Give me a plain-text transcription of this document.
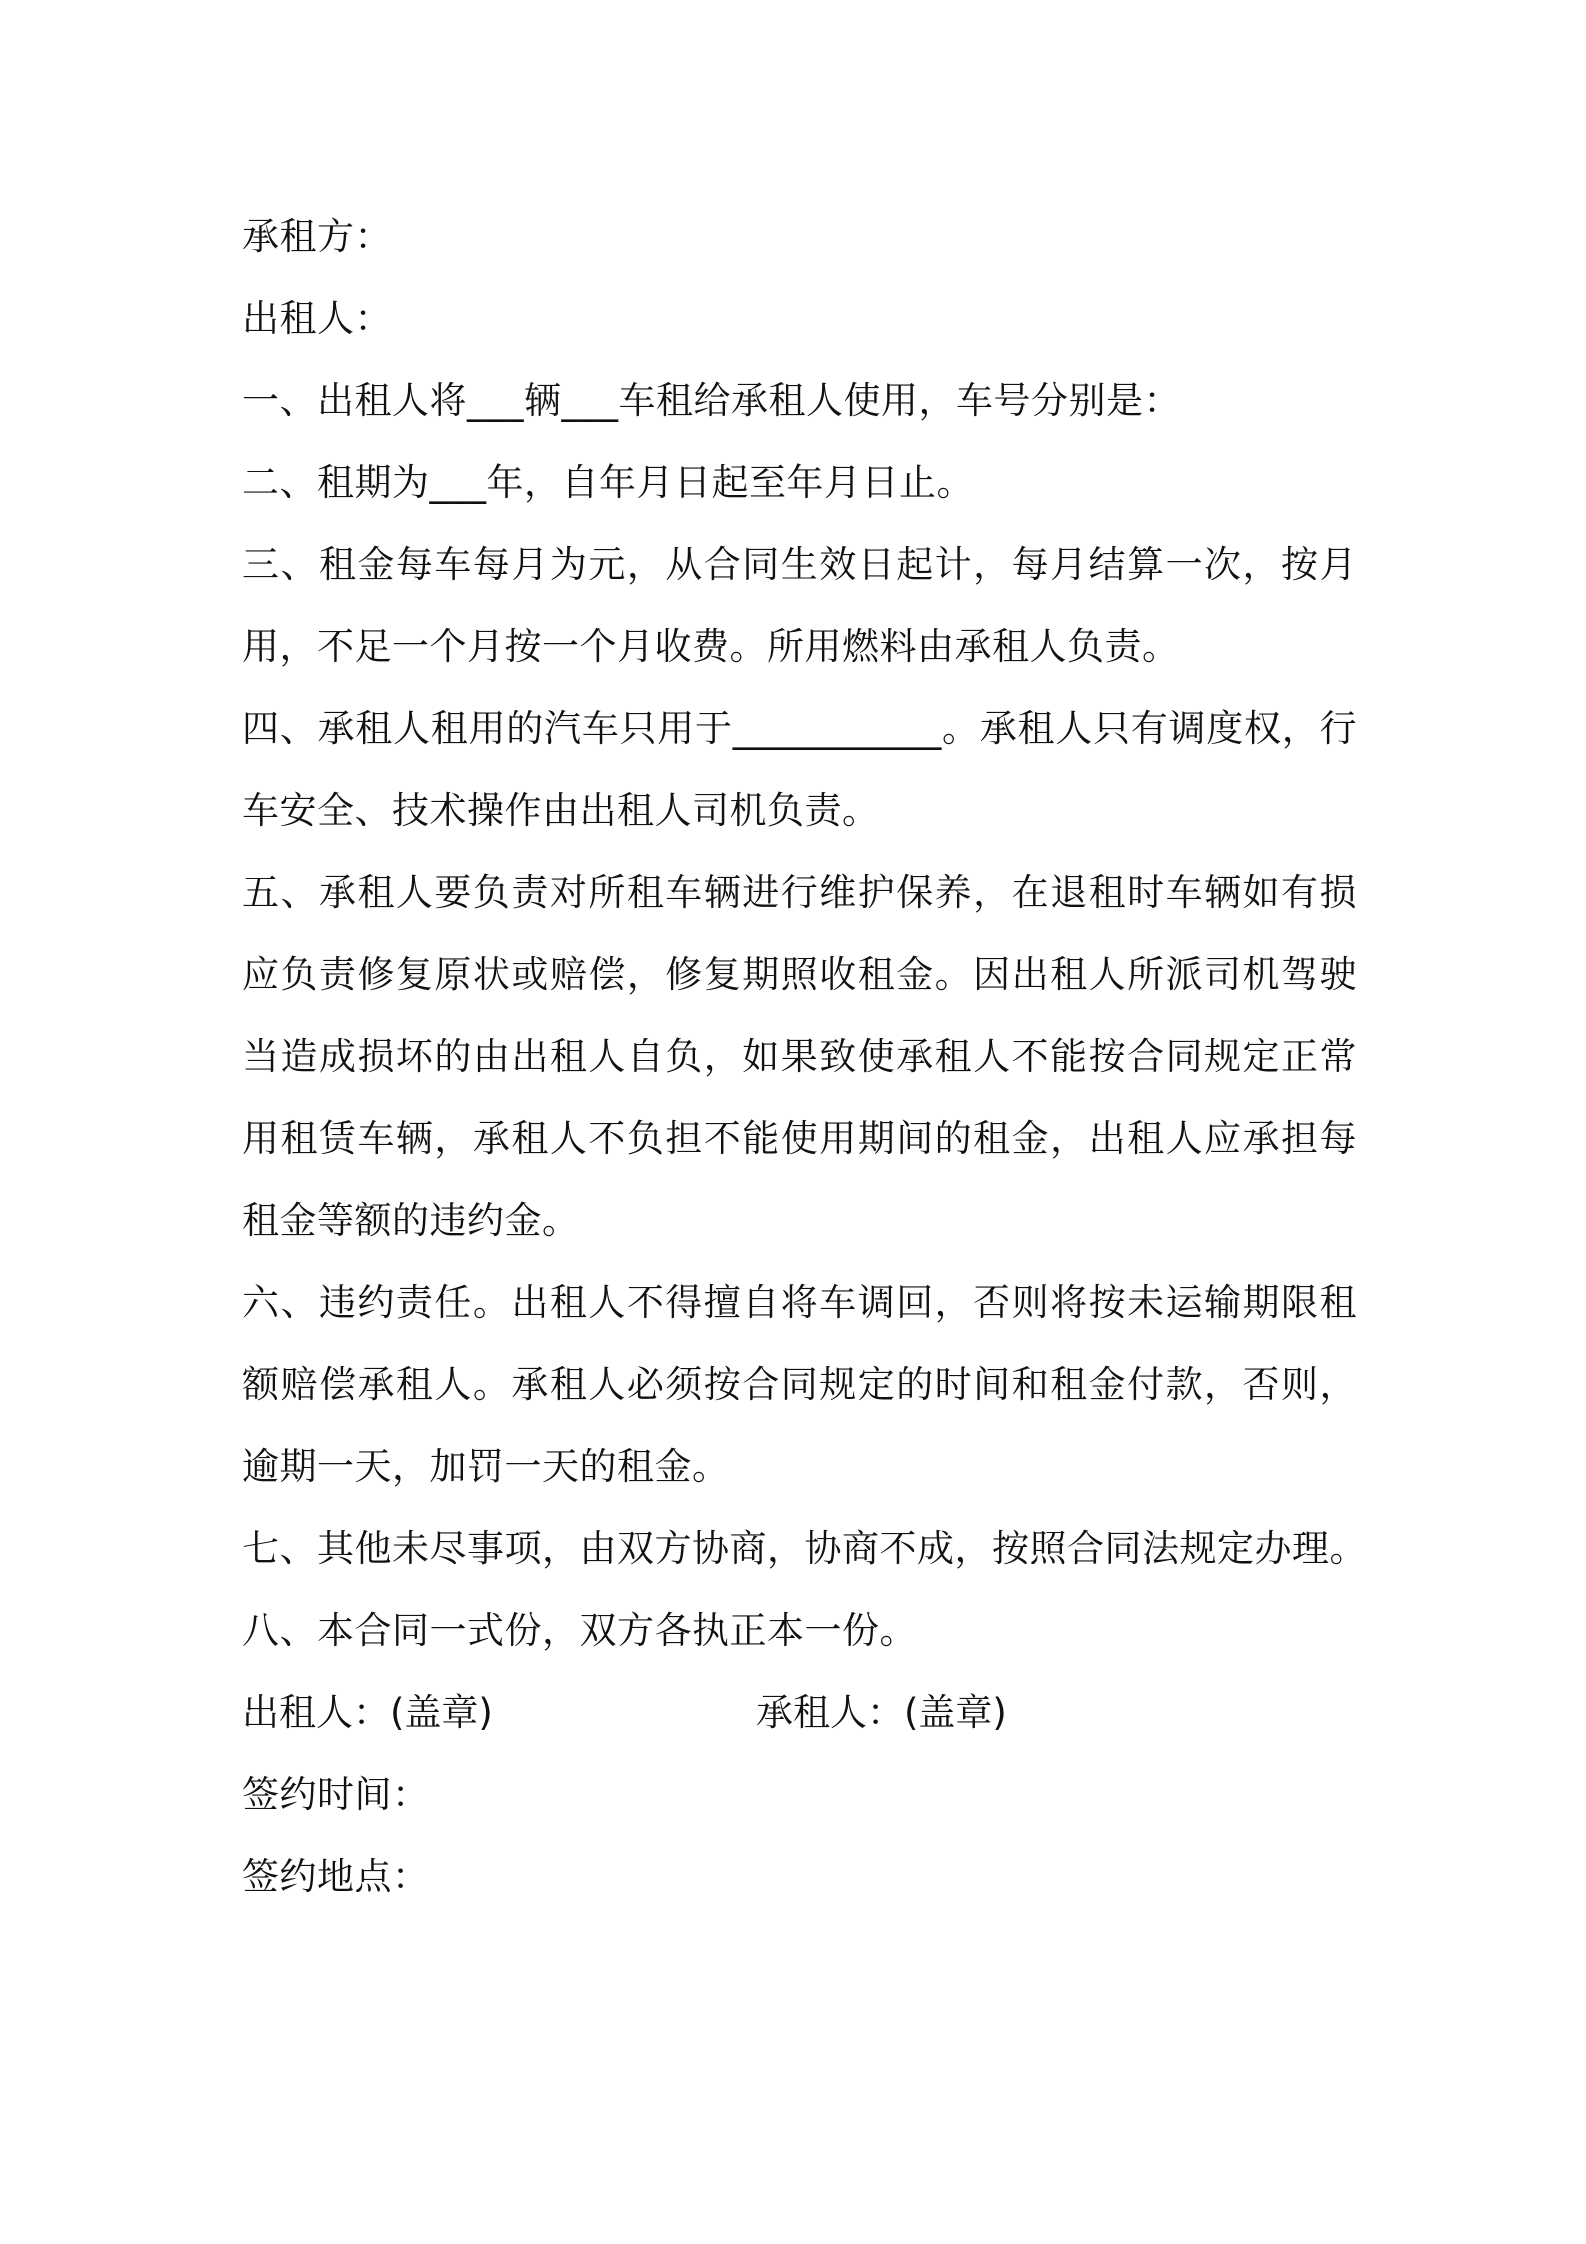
承租方：
出租人：
一、出租人将___辆___车租给承租人使用，车号分别是：
二、租期为___年，自年月日起至年月日止。
三、租金每车每月为元，从合同生效日起计，每月结算一次，按月
用，不足一个月按一个月收费。所用燃料由承租人负责。
四、承租人租用的汽车只用于___________。承租人只有调度权，行
车安全、技术操作由出租人司机负责。
五、承租人要负责对所租车辆进行维护保养，在退租时车辆如有损
应负责修复原状或赔偿，修复期照收租金。因出租人所派司机驾驶
当造成损坏的由出租人自负，如果致使承租人不能按合同规定正常
用租赁车辆，承租人不负担不能使用期间的租金，出租人应承担每
租金等额的违约金。
六、违约责任。出租人不得擅自将车调回，否则将按未运输期限租
额赔偿承租人。承租人必须按合同规定的时间和租金付款，否则，
逾期一天，加罚一天的租金。
七、其他未尽事项，由双方协商，协商不成，按照合同法规定办理。
八、本合同一式份，双方各执正本一份。
出租人：(盖章)	承租人：(盖章)
签约时间：
签约地点：
